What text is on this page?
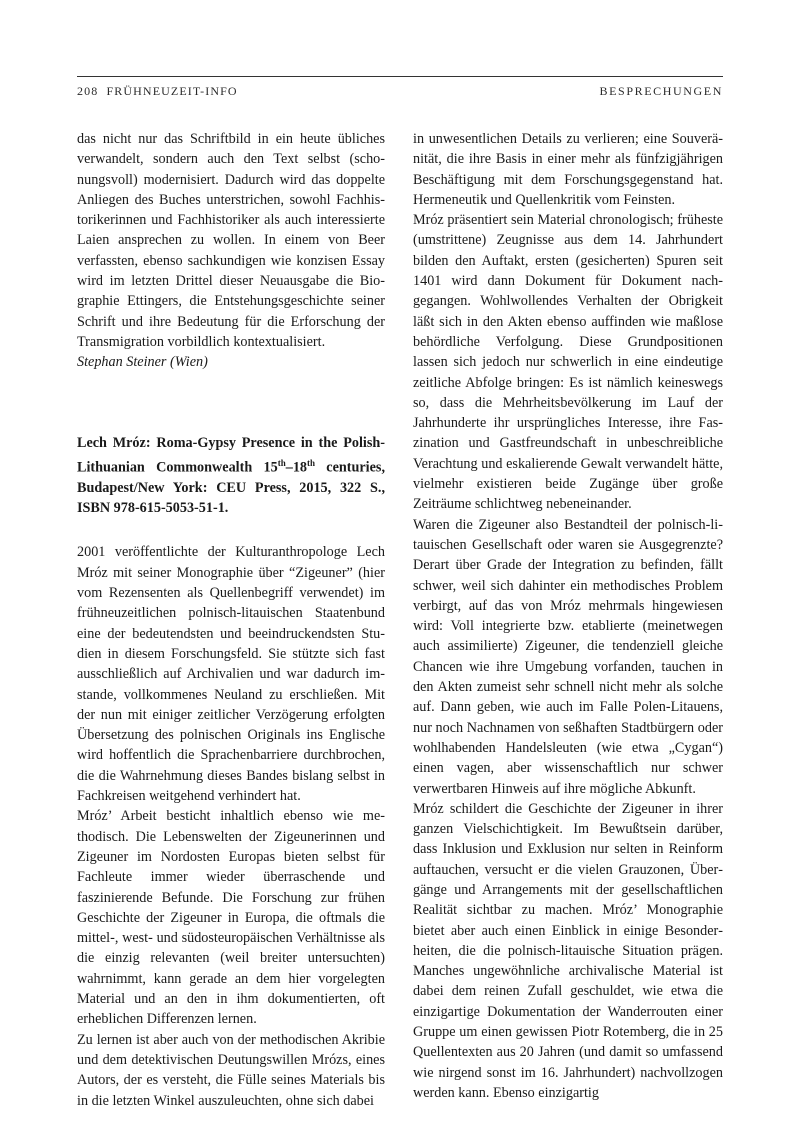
208 FRÜHNEUZEIT-INFO	BESPRECHUNGEN

das nicht nur das Schriftbild in ein heute übliches verwandelt, sondern auch den Text selbst (schonungsvoll) modernisiert. Dadurch wird das doppelte Anliegen des Buches unterstrichen, sowohl Fachhistorikerinnen und Fachhistoriker als auch interessierte Laien ansprechen zu wollen. In einem von Beer verfassten, ebenso sachkundigen wie konzisen Essay wird im letzten Drittel dieser Neuausgabe die Biographie Ettingers, die Entstehungsgeschichte seiner Schrift und ihre Bedeutung für die Erforschung der Transmigration vorbildlich kontextualisiert.

Stephan Steiner (Wien)

Lech Mróz: Roma-Gypsy Presence in the Polish-Lithuanian Commonwealth 15th–18th centuries, Budapest/New York: CEU Press, 2015, 322 S., ISBN 978-615-5053-51-1.

2001 veröffentlichte der Kulturanthropologe Lech Mróz mit seiner Monographie über “Zigeuner” (hier vom Rezensenten als Quellenbegriff verwendet) im frühneuzeitlichen polnisch-litauischen Staatenbund eine der bedeutendsten und beeindruckendsten Studien in diesem Forschungsfeld. Sie stützte sich fast ausschließlich auf Archivalien und war dadurch imstande, vollkommenes Neuland zu erschließen. Mit der nun mit einiger zeitlicher Verzögerung erfolgten Übersetzung des polnischen Originals ins Englische wird hoffentlich die Sprachenbarriere durchbrochen, die die Wahrnehmung dieses Bandes bislang selbst in Fachkreisen weitgehend verhindert hat.

Mróz’ Arbeit besticht inhaltlich ebenso wie methodisch. Die Lebenswelten der Zigeunerinnen und Zigeuner im Nordosten Europas bieten selbst für Fachleute immer wieder überraschende und faszinierende Befunde. Die Forschung zur frühen Geschichte der Zigeuner in Europa, die oftmals die mittel-, west- und südosteuropäischen Verhältnisse als die einzig relevanten (weil breiter untersuchten) wahrnimmt, kann gerade an dem hier vorgelegten Material und an den in ihm dokumentierten, oft erheblichen Differenzen lernen.

Zu lernen ist aber auch von der methodischen Akribie und dem detektivischen Deutungswillen Mrózs, eines Autors, der es versteht, die Fülle seines Materials bis in die letzten Winkel auszuleuchten, ohne sich dabei

in unwesentlichen Details zu verlieren; eine Souveränität, die ihre Basis in einer mehr als fünfzigjährigen Beschäftigung mit dem Forschungsgegenstand hat. Hermeneutik und Quellenkritik vom Feinsten.

Mróz präsentiert sein Material chronologisch; früheste (umstrittene) Zeugnisse aus dem 14. Jahrhundert bilden den Auftakt, ersten (gesicherten) Spuren seit 1401 wird dann Dokument für Dokument nachgegangen. Wohlwollendes Verhalten der Obrigkeit läßt sich in den Akten ebenso auffinden wie maßlose behördliche Verfolgung. Diese Grundpositionen lassen sich jedoch nur schwerlich in eine eindeutige zeitliche Abfolge bringen: Es ist nämlich keineswegs so, dass die Mehrheitsbevölkerung im Lauf der Jahrhunderte ihr ursprüngliches Interesse, ihre Faszination und Gastfreundschaft in unbeschreibliche Verachtung und eskalierende Gewalt verwandelt hätte, vielmehr existieren beide Zugänge über große Zeiträume schlichtweg nebeneinander.

Waren die Zigeuner also Bestandteil der polnisch-litauischen Gesellschaft oder waren sie Ausgegrenzte? Derart über Grade der Integration zu befinden, fällt schwer, weil sich dahinter ein methodisches Problem verbirgt, auf das von Mróz mehrmals hingewiesen wird: Voll integrierte bzw. etablierte (meinetwegen auch assimilierte) Zigeuner, die tendenziell gleiche Chancen wie ihre Umgebung vorfanden, tauchen in den Akten zumeist sehr schnell nicht mehr als solche auf. Dann geben, wie auch im Falle Polen-Litauens, nur noch Nachnamen von seßhaften Stadtbürgern oder wohlhabenden Handelsleuten (wie etwa „Cygan“) einen vagen, aber wissenschaftlich nur schwer verwertbaren Hinweis auf ihre mögliche Abkunft.

Mróz schildert die Geschichte der Zigeuner in ihrer ganzen Vielschichtigkeit. Im Bewußtsein darüber, dass Inklusion und Exklusion nur selten in Reinform auftauchen, versucht er die vielen Grauzonen, Übergänge und Arrangements mit der gesellschaftlichen Realität sichtbar zu machen. Mróz’ Monographie bietet aber auch einen Einblick in einige Besonderheiten, die die polnisch-litauische Situation prägen. Manches ungewöhnliche archivalische Material ist dabei dem reinen Zufall geschuldet, wie etwa die einzigartige Dokumentation der Wanderrouten einer Gruppe um einen gewissen Piotr Rotemberg, die in 25 Quellentexten aus 20 Jahren (und damit so umfassend wie nirgend sonst im 16. Jahrhundert) nachvollzogen werden kann. Ebenso einzigartig
